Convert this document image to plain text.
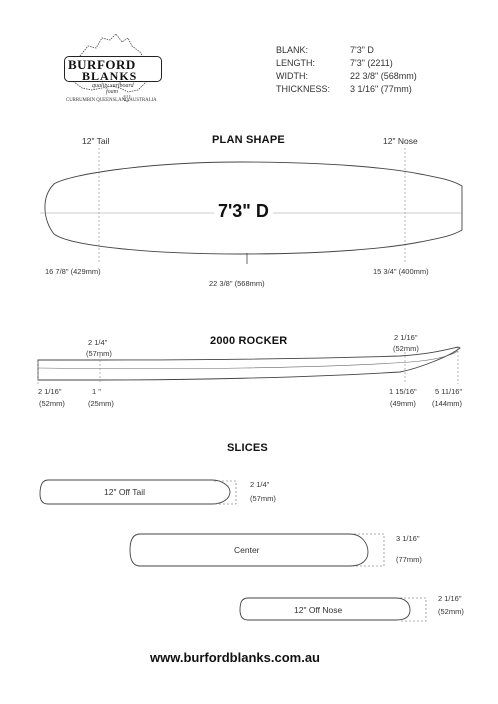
BURFORD
BLANKS
quality surfboard
foam
CURRUMBIN QUEENSLAND AUSTRALIA
BLANK:	7'3" D
LENGTH:	7'3" (2211)
WIDTH:	22 3/8" (568mm)
THICKNESS: 3 1/16" (77mm)
PLAN SHAPE
12" Tail	12" Nose
7'3" D
16 7/8" (429mm)
22 3/8" (568mm)
15 3/4" (400mm)
2000 ROCKER
2 1/4"
(57mm)
2 1/16"
(52mm)
2 1/16"
(52mm)
1 "
(25mm)
1 15/16"
(49mm)
5 11/16"
(144mm)
SLICES
12" Off Tail
2 1/4"
(57mm)
Center
3 1/16"
(77mm)
12" Off Nose
2 1/16"
(52mm)
www.burfordblanks.com.au
